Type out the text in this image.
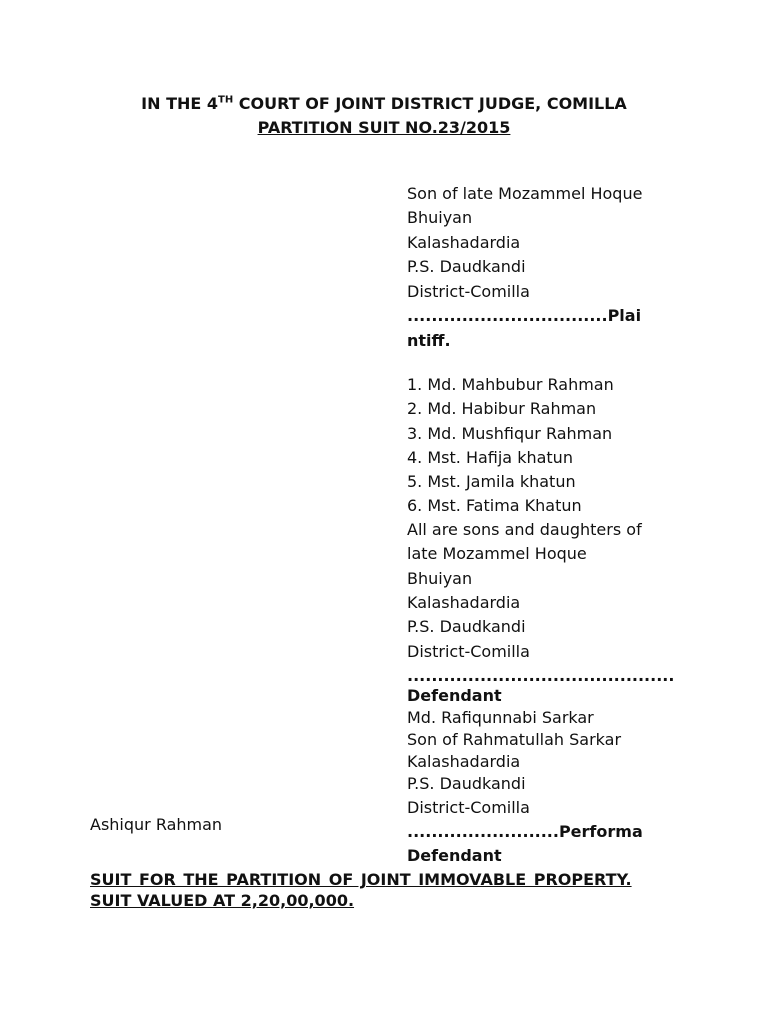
IN THE 4TH COURT OF JOINT DISTRICT JUDGE, COMILLA
PARTITION SUIT NO.23/2015
Son of late Mozammel Hoque
Bhuiyan
Kalashadardia
P.S. Daudkandi
District-Comilla
.................................Plai
ntiff.
1. Md. Mahbubur Rahman
2. Md. Habibur Rahman
3. Md. Mushfiqur Rahman
4. Mst. Hafija khatun
5. Mst. Jamila khatun
6. Mst. Fatima Khatun
All are sons and daughters of
late Mozammel Hoque
Bhuiyan
Kalashadardia
P.S. Daudkandi
District-Comilla
............................................
Defendant
Md. Rafiqunnabi Sarkar
Son of Rahmatullah Sarkar
Kalashadardia
P.S. Daudkandi
District-Comilla
Ashiqur Rahman	.........................Performa
Defendant
SUIT FOR THE PARTITION OF JOINT IMMOVABLE PROPERTY.
SUIT VALUED AT 2,20,00,000.
